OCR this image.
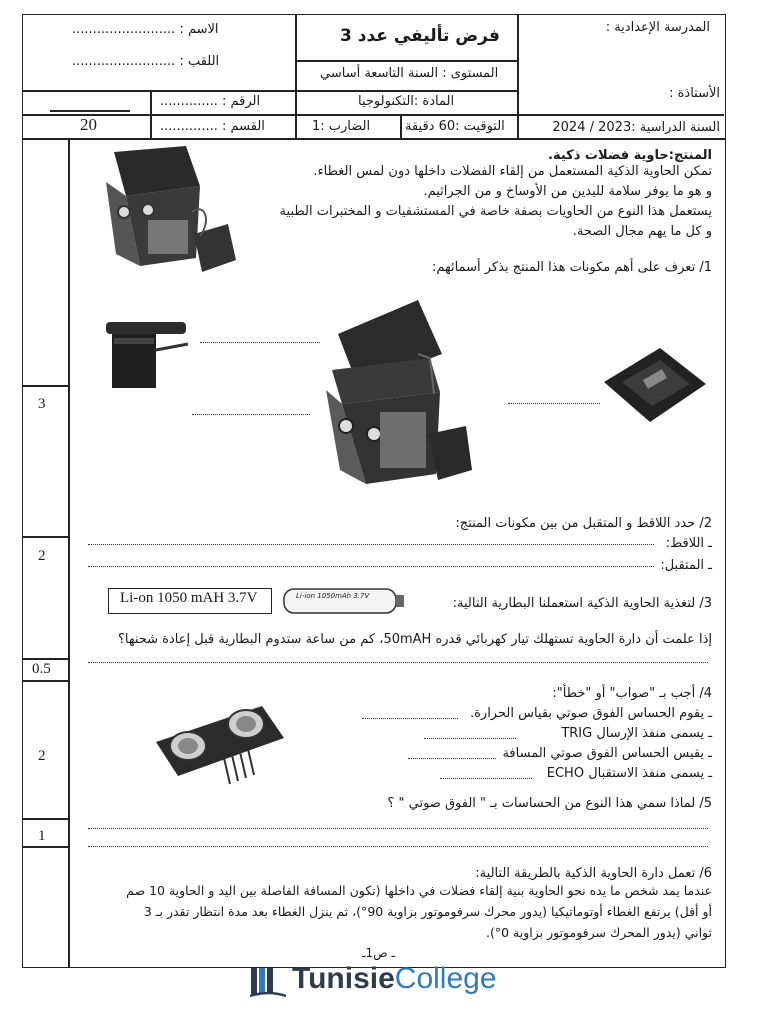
المدرسة الإعدادية :
الأستاذة :
السنة الدراسية :2023 / 2024
فرض تأليفي عدد 3
المستوى : السنة التاسعة أساسي
المادة :التكنولوجيا
التوقيت :60 دقيقة
الضارب :1
الاسم : .........................
اللقب : .........................
الرقم : ..............
القسم : ..............
20
3
2
0.5
2
1
المنتج:حاوية فضلات ذكية.
تمكن الحاوية الذكية المستعمل من إلقاء الفضلات داخلها دون لمس الغطاء.
و هو ما يوفر سلامة لليدين من الأوساخ و من الجراثيم.
يستعمل هذا النوع من الحاويات بصفة خاصة في المستشفيات و المختبرات الطبية
و كل ما يهم مجال الصحة.
1/ تعرف على أهم مكونات هذا المنتج بذكر أسمائهم:
2/ حدد اللاقط و المتقبل من بين مكونات المنتج:
ـ اللاقط:
ـ المتقبل:
3/ لتغذية الحاوية الذكية استعملنا البطارية التالية:
Li-on 1050 mAH 3.7V	Li-ion 1050mAh 3.7V
إذا علمت أن دارة الحاوية تستهلك تيار كهربائي قدره 50mAH، كم من ساعة ستدوم البطارية قبل إعادة شحنها؟
4/ أجب بـ "صواب" أو "خطأ":
ـ يقوم الحساس الفوق صوتي بقياس الحرارة.
ـ يسمى منفذ الإرسال TRIG
ـ يقيس الحساس الفوق صوتي المسافة
ـ يسمى منفذ الاستقبال ECHO
5/ لماذا سمي هذا النوع من الحساسات بـ " الفوق صوتي " ؟
6/ تعمل دارة الحاوية الذكية بالطريقة التالية:
عندما يمد شخص ما يده نحو الحاوية بنية إلقاء فضلات في داخلها (تكون المسافة الفاصلة بين اليد و الحاوية 10 صم
أو أقل) يرتفع الغطاء أوتوماتيكيا (يدور محرك سرفوموتور بزاوية 90°)، ثم ينزل الغطاء بعد مدة انتظار تقدر بـ 3
ثواني (يدور المحرك سرفوموتور بزاوية 0°).
ـ ص1ـ
TunisieCollege
